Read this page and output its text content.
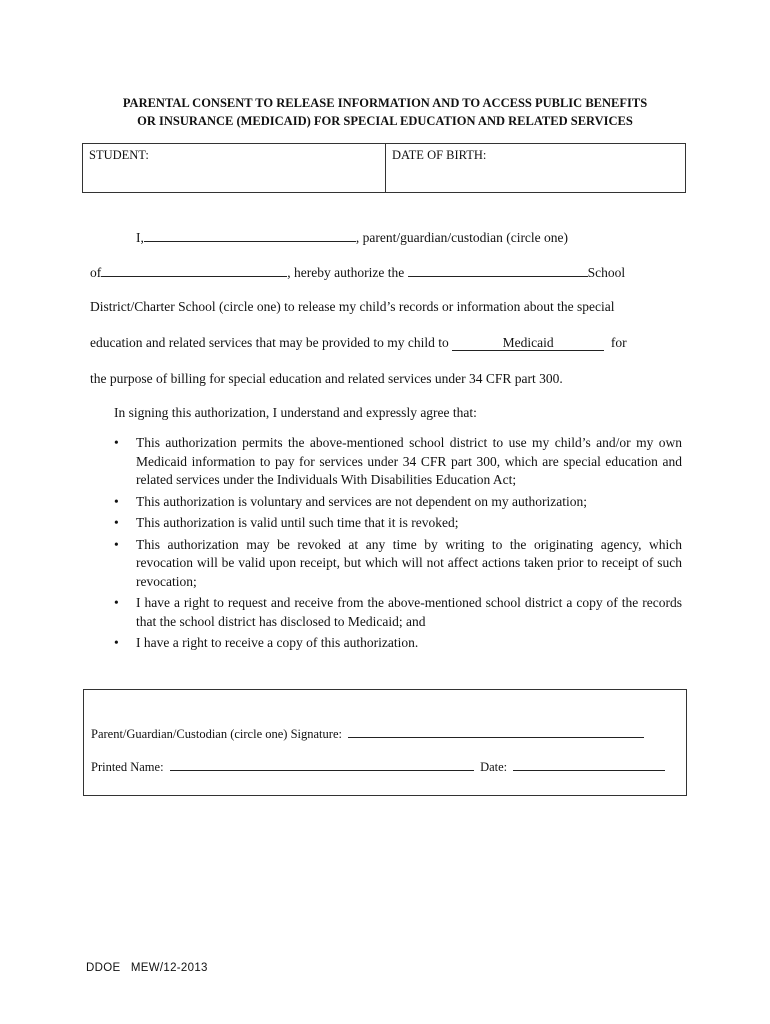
PARENTAL CONSENT TO RELEASE INFORMATION AND TO ACCESS PUBLIC BENEFITS
OR INSURANCE (MEDICAID) FOR SPECIAL EDUCATION AND RELATED SERVICES
STUDENT:	DATE OF BIRTH:
I,	, parent/guardian/custodian (circle one)
of	, hereby authorize the	School
District/Charter School (circle one) to release my child’s records or information about the special
education and related services that may be provided to my child to	Medicaid	for
the purpose of billing for special education and related services under 34 CFR part 300.
In signing this authorization, I understand and expressly agree that:
• This authorization permits the above-mentioned school district to use my child’s and/or my own Medicaid information to pay for services under 34 CFR part 300, which are special education and related services under the Individuals With Disabilities Education Act;
• This authorization is voluntary and services are not dependent on my authorization;
• This authorization is valid until such time that it is revoked;
• This authorization may be revoked at any time by writing to the originating agency, which revocation will be valid upon receipt, but which will not affect actions taken prior to receipt of such revocation;
• I have a right to request and receive from the above-mentioned school district a copy of the records that the school district has disclosed to Medicaid; and
• I have a right to receive a copy of this authorization.
Parent/Guardian/Custodian (circle one) Signature:
Printed Name:	Date:
DDOE   MEW/12-2013
